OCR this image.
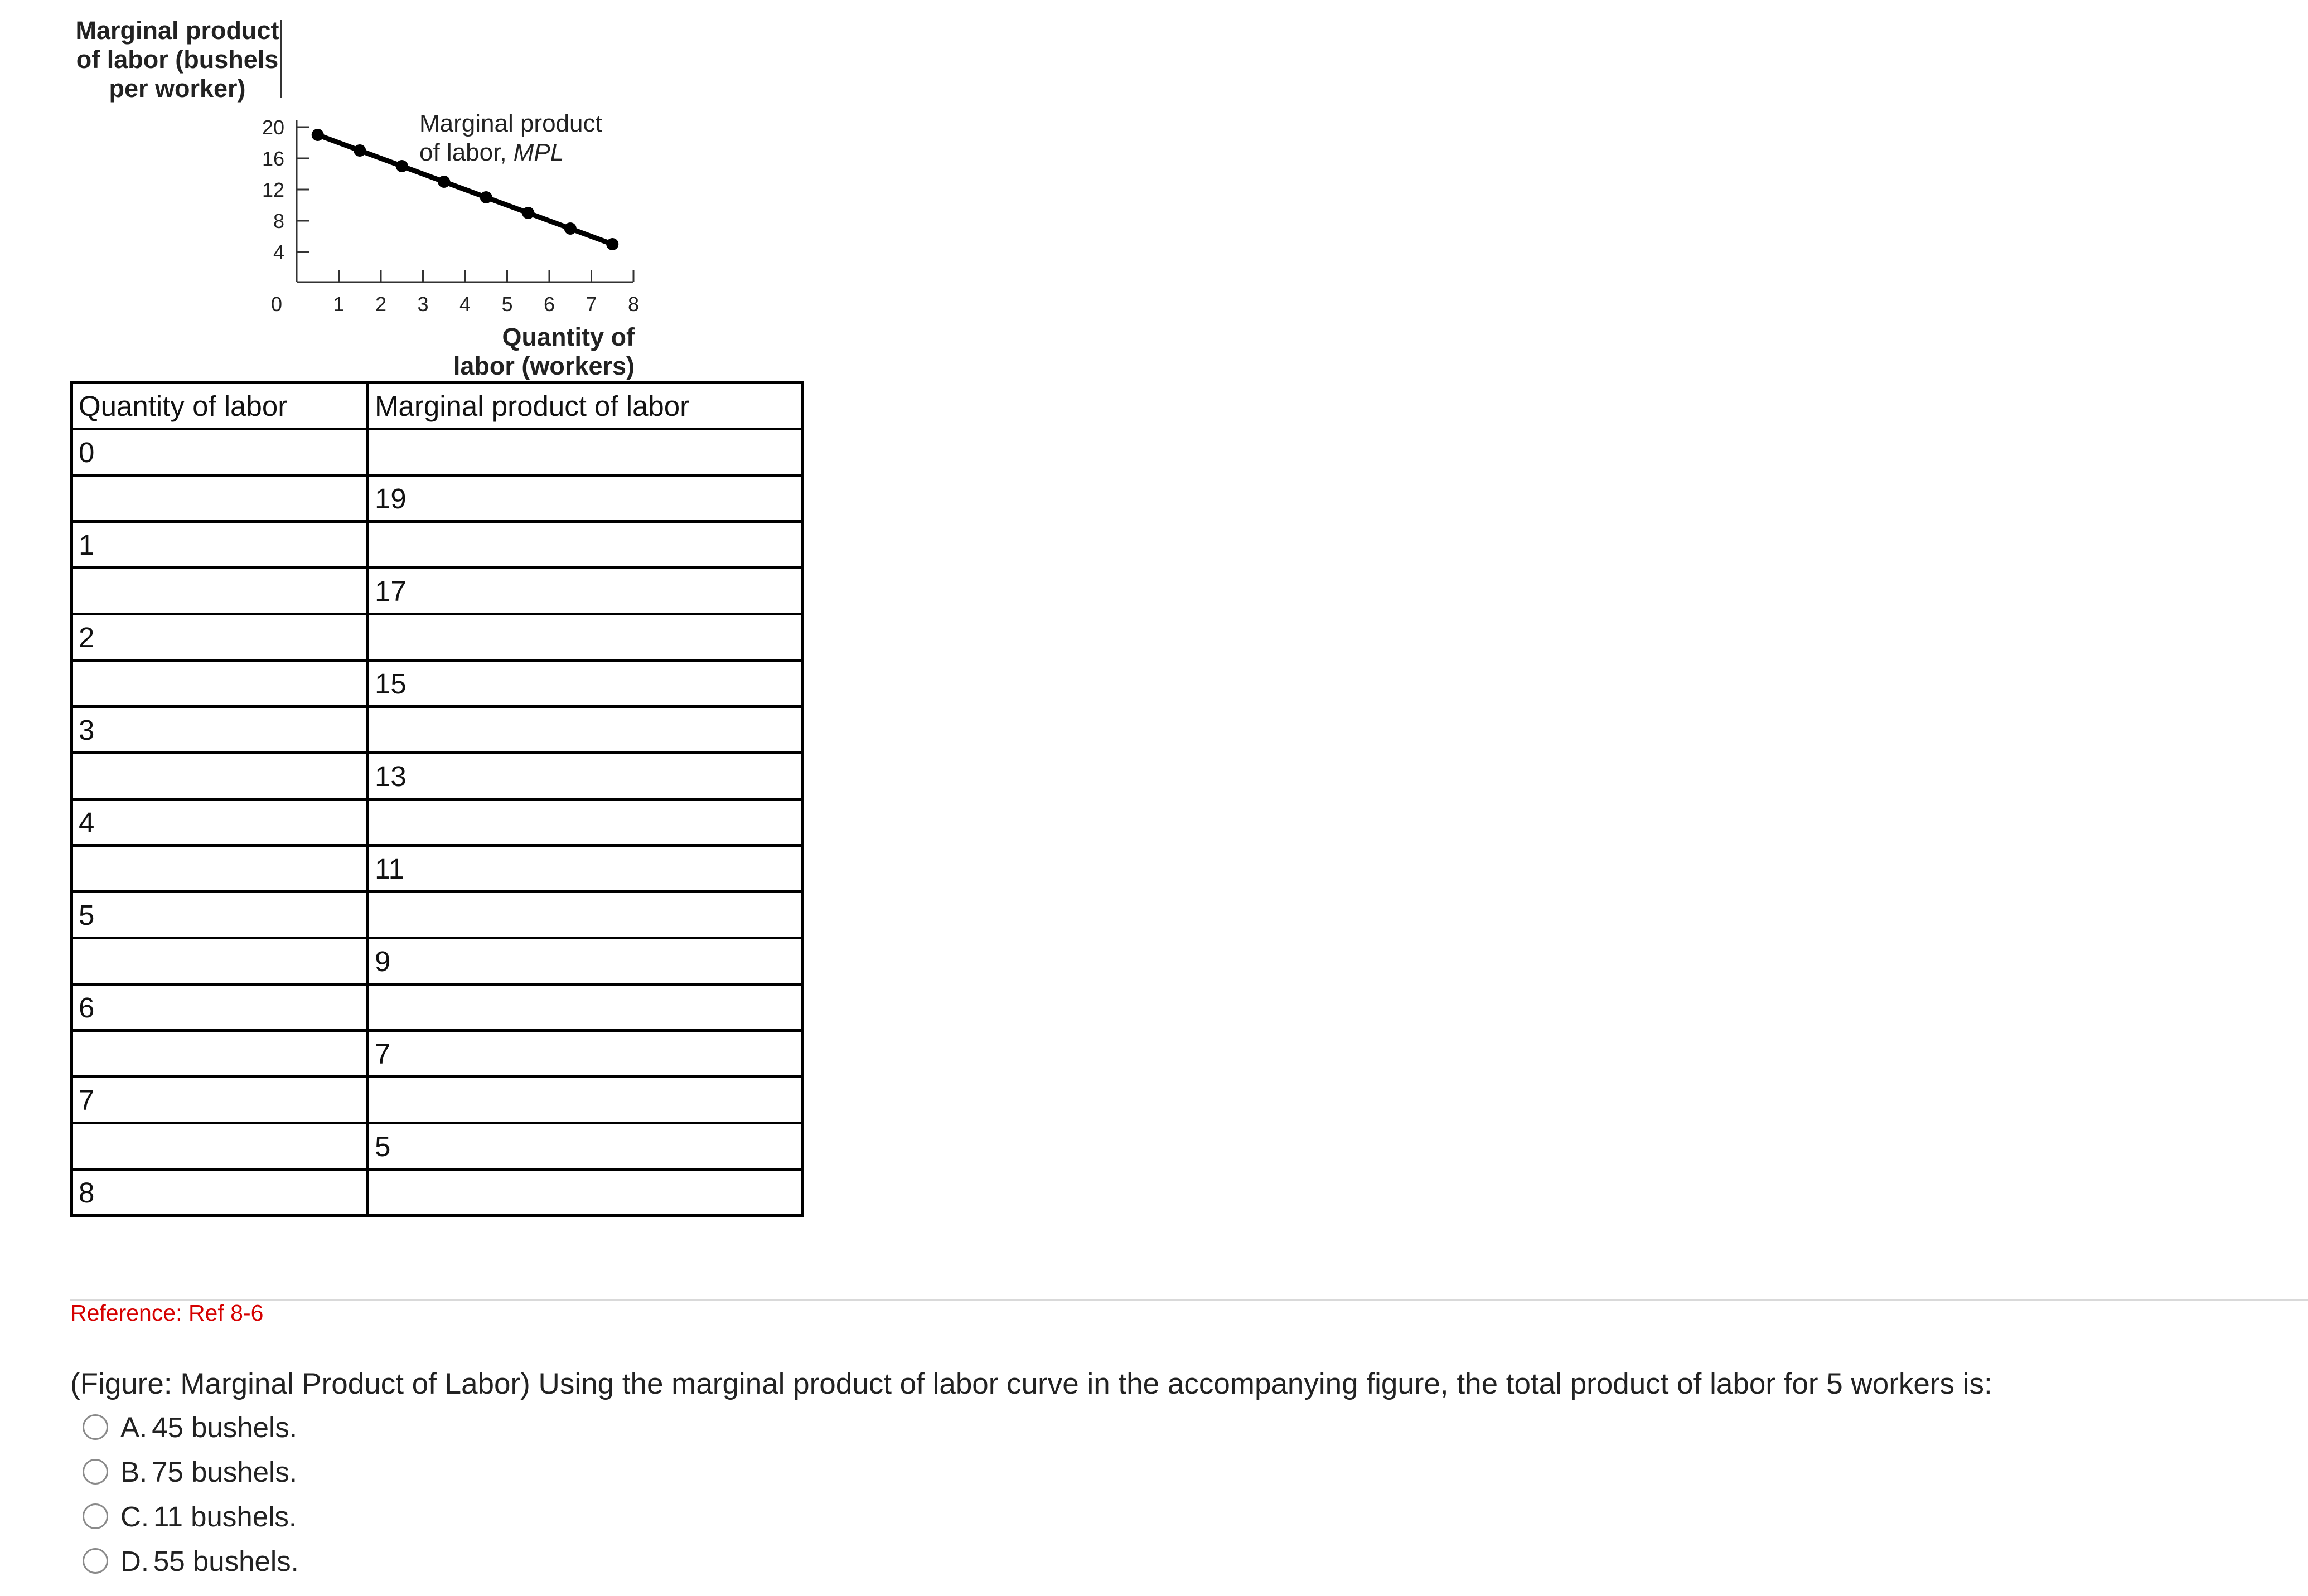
Marginal product
of labor (bushels
per worker)
20
16
12
8
4
0	1 2 3 4 5 6 7 8
Quantity of
labor (workers)
Marginal product
of labor, MPL
Quantity of labor	Marginal product of labor
0	
	19
1	
	17
2	
	15
3	
	13
4	
	11
5	
	9
6	
	7
7	
	5
8	
Reference: Ref 8-6
(Figure: Marginal Product of Labor) Using the marginal product of labor curve in the accompanying figure, the total product of labor for 5 workers is:
A. 45 bushels.
B. 75 bushels.
C. 11 bushels.
D. 55 bushels.
